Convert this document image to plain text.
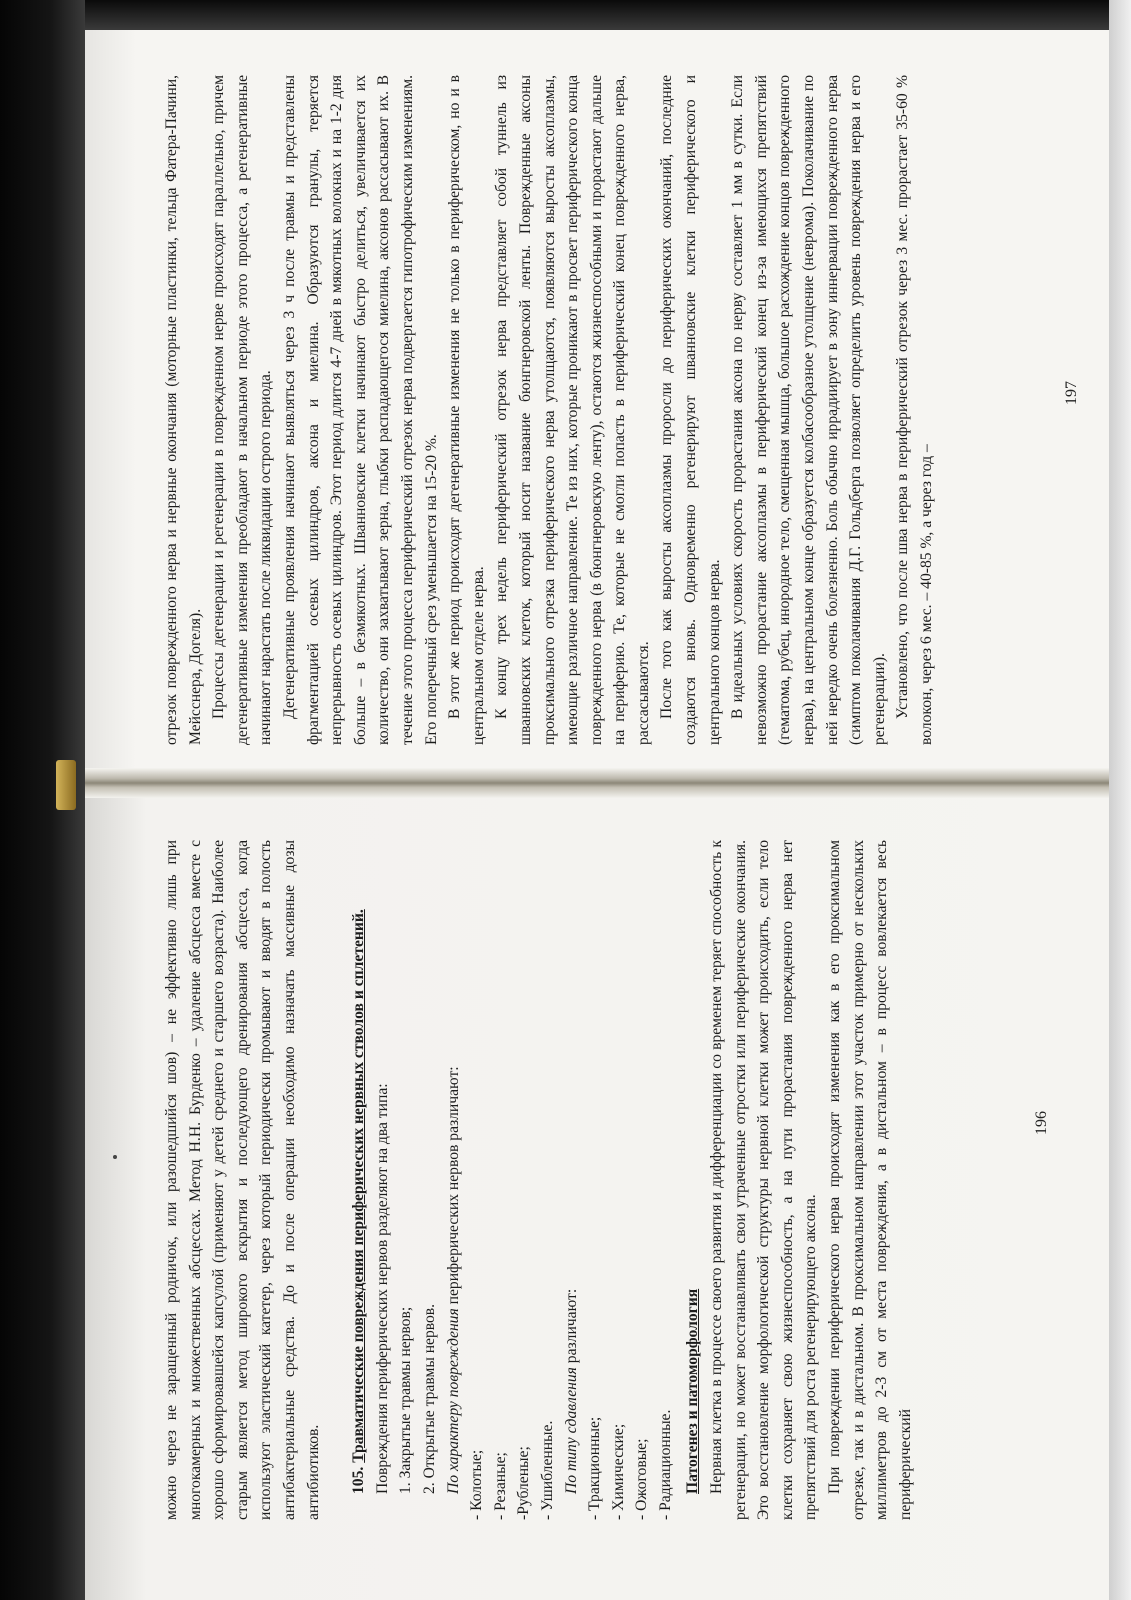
можно через не заращенный родничок, или разошедшийся шов) – не эффективно лишь при многокамерных и множественных абсцессах. Метод Н.Н. Бурденко – удаление абсцесса вместе с хорошо сформировавшейся капсулой (применяют у детей среднего и старшего возраста). Наиболее старым является метод широкого вскрытия и последующего дренирования абсцесса, когда используют эластический катетер, через который периодически промывают и вводят в полость антибактериальные средства. До и после операции необходимо назначать массивные дозы антибиотиков. 105. Травматические повреждения периферических нервных стволов и сплетений. Повреждения периферических нервов разделяют на два типа: 1. Закрытые травмы нервов; 2. Открытые травмы нервов. По характеру повреждения периферических нервов различают:

- Колотые; - Резаные; -Рубленые; - Ушибленные. По типу сдавления различают:

- Тракционные; - Химические; - Ожоговые; - Радиационные. Патогенез и патоморфология Нервная клетка в процессе своего развития и дифференциации со временем теряет способность к регенерации, но может восстанавливать свои утраченные отростки или периферические окончания. Это восстановление морфологической структуры нервной клетки может происходить, если тело клетки сохраняет свою жизнеспособность, а на пути прорастания поврежденного нерва нет препятствий для роста регенерирующего аксона. При повреждении периферического нерва происходят изменения как в его проксимальном отрезке, так и в дистальном. В проксимальном направлении этот участок примерно от нескольких миллиметров до 2-3 см от места повреждения, а в дистальном – в процесс вовлекается весь периферический

196

отрезок поврежденного нерва и нервные окончания (моторные пластинки, тельца Фатера-Пачини, Мейсснера, Догеля). Процессы дегенерации и регенерации в поврежденном нерве происходят параллельно, причем дегенеративные изменения преобладают в начальном периоде этого процесса, а регенеративные начинают нарастать после ликвидации острого периода. Дегенеративные проявления начинают выявляться через 3 ч после травмы и представлены фрагментацией осевых цилиндров, аксона и миелина. Образуются гранулы, теряется непрерывность осевых цилиндров. Этот период длится 4-7 дней в мякотных волокнах и на 1-2 дня больше – в безмякотных. Шванновские клетки начинают быстро делиться, увеличивается их количество, они захватывают зерна, глыбки распадающегося миелина, аксонов рассасывают их. В течение этого процесса периферический отрезок нерва подвергается гипотрофическим изменениям. Его поперечный срез уменьшается на 15-20 %. В этот же период происходят дегенеративные изменения не только в периферическом, но и в центральном отделе нерва. К концу трех недель периферический отрезок нерва представляет собой туннель из шванновских клеток, который носит название бюнгнеровской ленты. Поврежденные аксоны проксимального отрезка периферического нерва утолщаются, появляются выросты аксоплазмы, имеющие различное направление. Те из них, которые проникают в просвет периферического конца поврежденного нерва (в бюнгнеровскую ленту), остаются жизнеспособными и прорастают дальше на периферию. Те, которые не смогли попасть в периферический конец поврежденного нерва, рассасываются. После того как выросты аксоплазмы проросли до периферических окончаний, последние создаются вновь. Одновременно регенерируют шванновские клетки периферического и центрального концов нерва. В идеальных условиях скорость прорастания аксона по нерву составляет 1 мм в сутки. Если невозможно прорастание аксоплазмы в периферический конец из-за имеющихся препятствий (гематома, рубец, инородное тело, смещенная мышца, большое расхождение концов поврежденного нерва), на центральном конце образуется колбасообразное утолщение (неврома). Поколачивание по ней нередко очень болезненно. Боль обычно иррадиирует в зону иннервации поврежденного нерва (симптом поколачивания Д.Г. Гольдберга позволяет определить уровень повреждения нерва и его регенерации). Установлено, что после шва нерва в периферический отрезок через 3 мес. прорастает 35-60 % волокон, через 6 мес. – 40-85 %, а через год –

197
